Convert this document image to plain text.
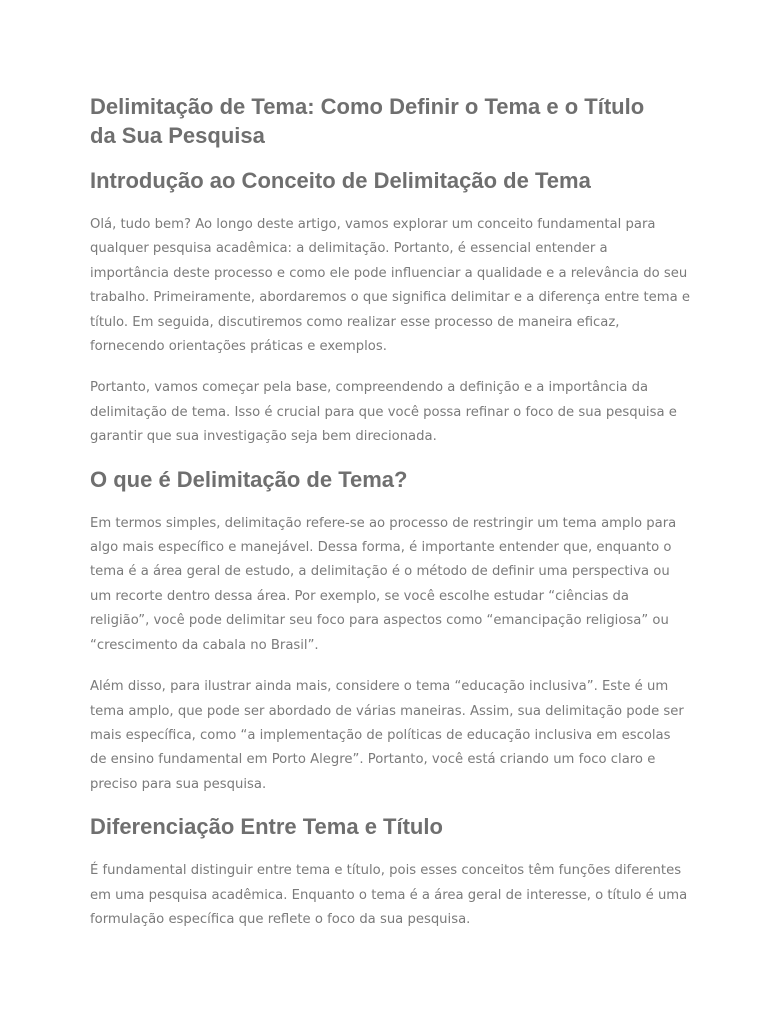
Delimitação de Tema: Como Definir o Tema e o Título da Sua Pesquisa
Introdução ao Conceito de Delimitação de Tema

Olá, tudo bem? Ao longo deste artigo, vamos explorar um conceito fundamental para qualquer pesquisa acadêmica: a delimitação. Portanto, é essencial entender a importância deste processo e como ele pode influenciar a qualidade e a relevância do seu trabalho. Primeiramente, abordaremos o que significa delimitar e a diferença entre tema e título. Em seguida, discutiremos como realizar esse processo de maneira eficaz, fornecendo orientações práticas e exemplos.

Portanto, vamos começar pela base, compreendendo a definição e a importância da delimitação de tema. Isso é crucial para que você possa refinar o foco de sua pesquisa e garantir que sua investigação seja bem direcionada.

O que é Delimitação de Tema?

Em termos simples, delimitação refere-se ao processo de restringir um tema amplo para algo mais específico e manejável. Dessa forma, é importante entender que, enquanto o tema é a área geral de estudo, a delimitação é o método de definir uma perspectiva ou um recorte dentro dessa área. Por exemplo, se você escolhe estudar “ciências da religião”, você pode delimitar seu foco para aspectos como “emancipação religiosa” ou “crescimento da cabala no Brasil”.

Além disso, para ilustrar ainda mais, considere o tema “educação inclusiva”. Este é um tema amplo, que pode ser abordado de várias maneiras. Assim, sua delimitação pode ser mais específica, como “a implementação de políticas de educação inclusiva em escolas de ensino fundamental em Porto Alegre”. Portanto, você está criando um foco claro e preciso para sua pesquisa.

Diferenciação Entre Tema e Título

É fundamental distinguir entre tema e título, pois esses conceitos têm funções diferentes em uma pesquisa acadêmica. Enquanto o tema é a área geral de interesse, o título é uma formulação específica que reflete o foco da sua pesquisa.
